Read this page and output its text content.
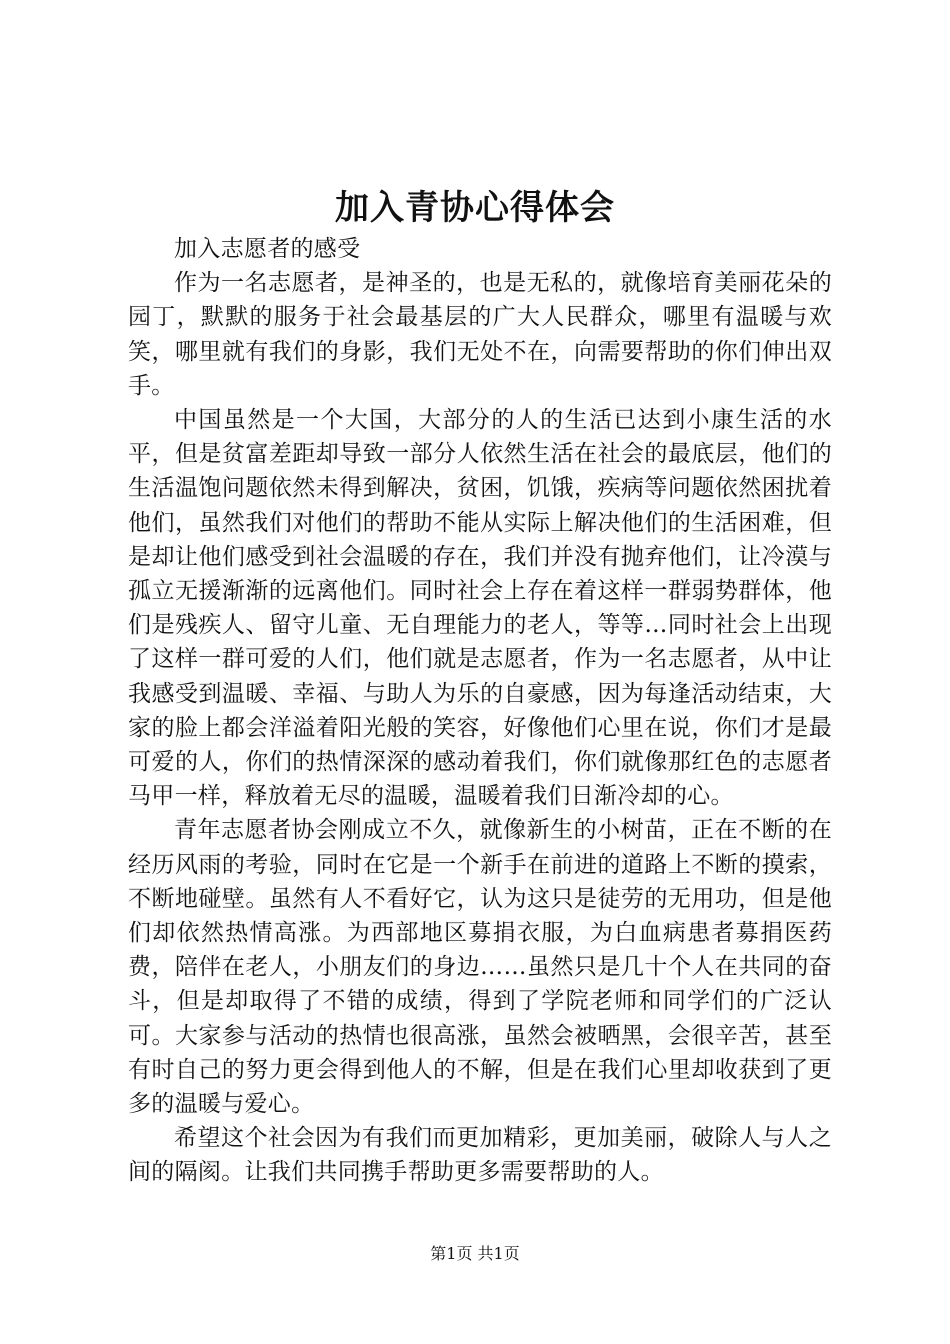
加入青协心得体会

加入志愿者的感受

作为一名志愿者，是神圣的，也是无私的，就像培育美丽花朵的园丁，默默的服务于社会最基层的广大人民群众，哪里有温暖与欢笑，哪里就有我们的身影，我们无处不在，向需要帮助的你们伸出双手。

中国虽然是一个大国，大部分的人的生活已达到小康生活的水平，但是贫富差距却导致一部分人依然生活在社会的最底层，他们的生活温饱问题依然未得到解决，贫困，饥饿，疾病等问题依然困扰着他们，虽然我们对他们的帮助不能从实际上解决他们的生活困难，但是却让他们感受到社会温暖的存在，我们并没有抛弃他们，让冷漠与孤立无援渐渐的远离他们。同时社会上存在着这样一群弱势群体，他们是残疾人、留守儿童、无自理能力的老人，等等…同时社会上出现了这样一群可爱的人们，他们就是志愿者，作为一名志愿者，从中让我感受到温暖、幸福、与助人为乐的自豪感，因为每逢活动结束，大家的脸上都会洋溢着阳光般的笑容，好像他们心里在说，你们才是最可爱的人，你们的热情深深的感动着我们，你们就像那红色的志愿者马甲一样，释放着无尽的温暖，温暖着我们日渐冷却的心。

青年志愿者协会刚成立不久，就像新生的小树苗，正在不断的在经历风雨的考验，同时在它是一个新手在前进的道路上不断的摸索，不断地碰壁。虽然有人不看好它，认为这只是徒劳的无用功，但是他们却依然热情高涨。为西部地区募捐衣服，为白血病患者募捐医药费，陪伴在老人，小朋友们的身边……虽然只是几十个人在共同的奋斗，但是却取得了不错的成绩，得到了学院老师和同学们的广泛认可。大家参与活动的热情也很高涨，虽然会被晒黑，会很辛苦，甚至有时自己的努力更会得到他人的不解，但是在我们心里却收获到了更多的温暖与爱心。

希望这个社会因为有我们而更加精彩，更加美丽，破除人与人之间的隔阂。让我们共同携手帮助更多需要帮助的人。

第1页 共1页
